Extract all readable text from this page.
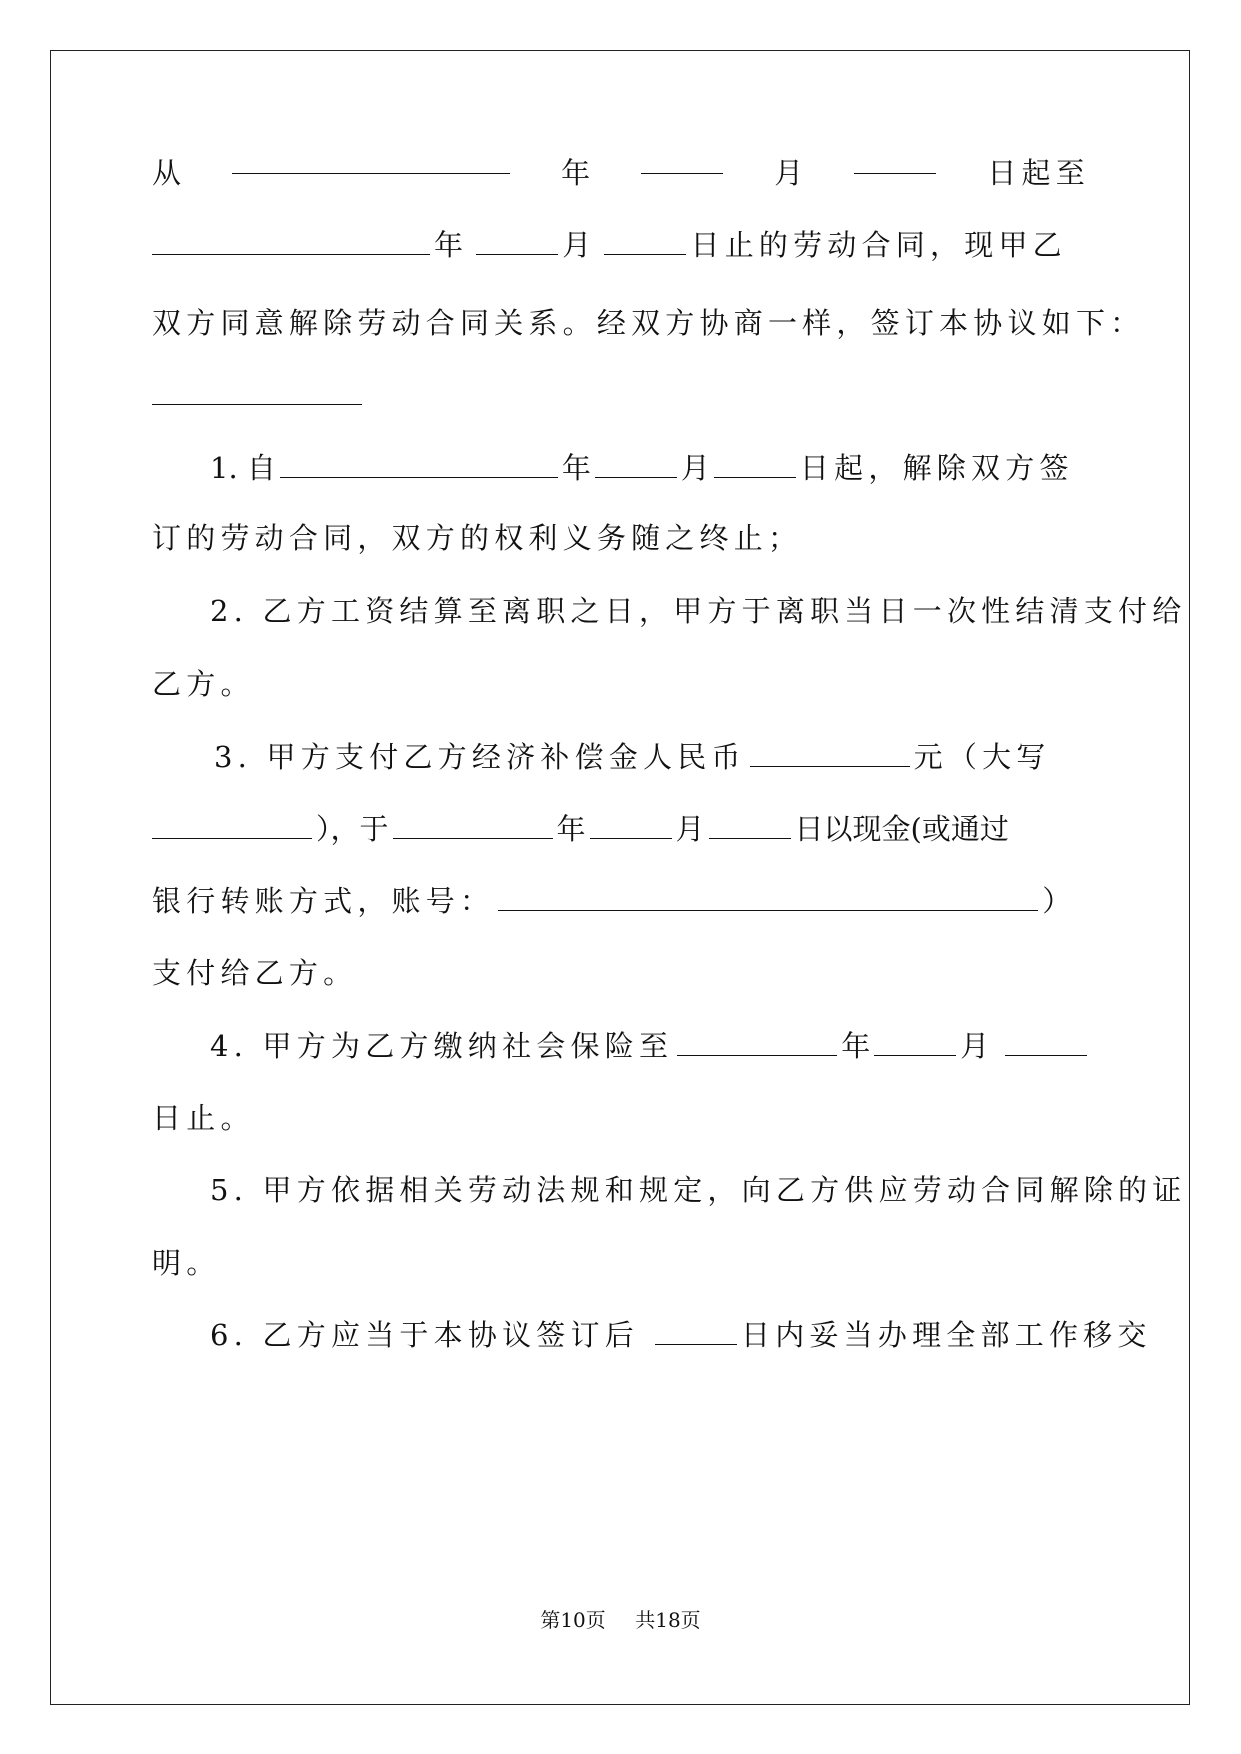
从	年	月	日起至
年	月	日止的劳动合同，现甲乙
双方同意解除劳动合同关系。经双方协商一样，签订本协议如下：
1. 自	年	月	日起，解除双方签
订的劳动合同，双方的权利义务随之终止；
2. 乙方工资结算至离职之日，甲方于离职当日一次性结清支付给
乙方。
3. 甲方支付乙方经济补偿金人民币	元（大写
），于	年	月	日以现金(或通过
银行转账方式，账号：	）
支付给乙方。
4. 甲方为乙方缴纳社会保险至	年	月
日止。
5. 甲方依据相关劳动法规和规定，向乙方供应劳动合同解除的证
明。
6. 乙方应当于本协议签订后	日内妥当办理全部工作移交
第10页 共18页
